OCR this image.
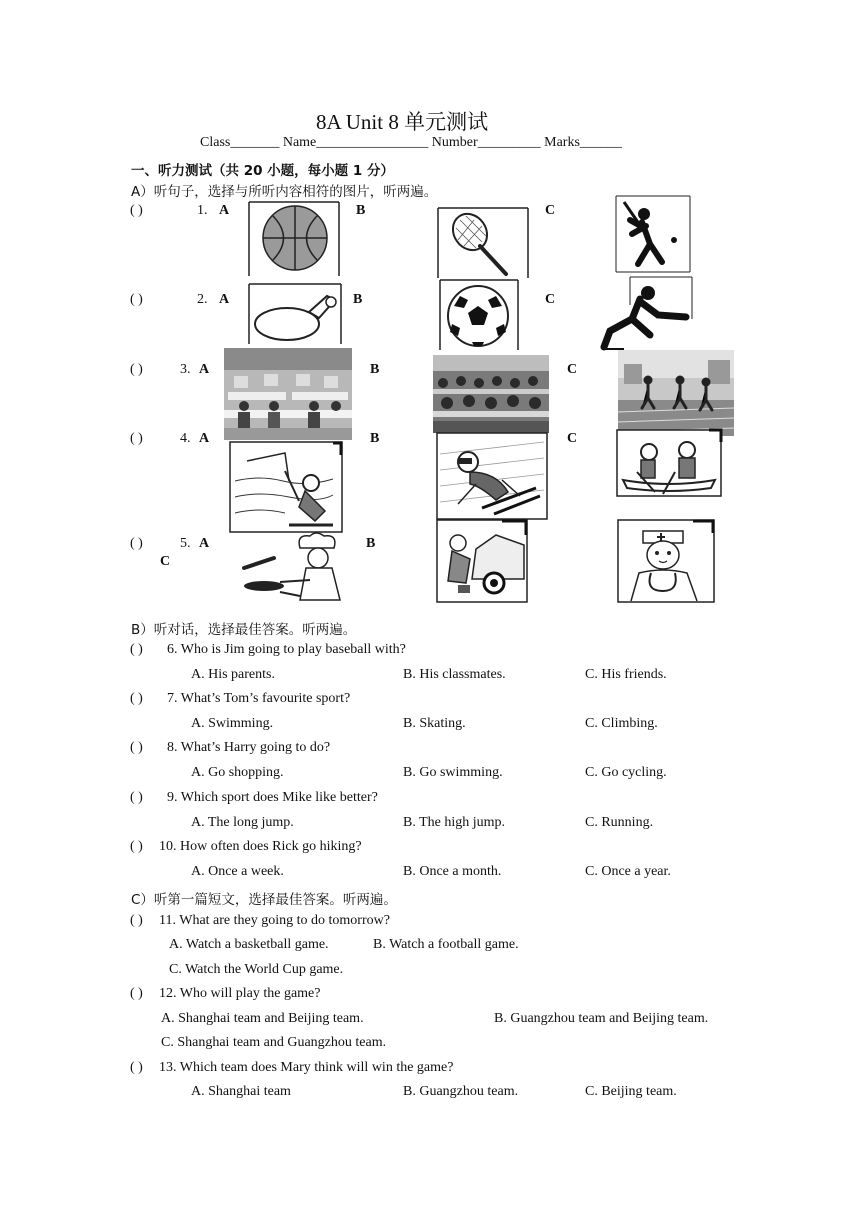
8A Unit 8 单元测试
Class_______ Name________________ Number_________ Marks______
一、听力测试（共 20 小题，每小题 1 分）
A）听句子，选择与所听内容相符的图片，听两遍。
( )	1. A	B	C
( )	2. A	B	C
( )	3. A	B	C
( )	4. A	B	C
( )	5. A	B
C
B）听对话，选择最佳答案。听两遍。
( ) 6. Who is Jim going to play baseball with?
A. His parents.	B. His classmates.	C. His friends.
( ) 7. What’s Tom’s favourite sport?
A. Swimming.	B. Skating.	C. Climbing.
( ) 8. What’s Harry going to do?
A. Go shopping.	B. Go swimming.	C. Go cycling.
( ) 9. Which sport does Mike like better?
A. The long jump.	B. The high jump.	C. Running.
( ) 10. How often does Rick go hiking?
A. Once a week.	B. Once a month.	C. Once a year.
C）听第一篇短文，选择最佳答案。听两遍。
( ) 11. What are they going to do tomorrow?
A. Watch a basketball game.	B. Watch a football game.
C. Watch the World Cup game.
( ) 12. Who will play the game?
A. Shanghai team and Beijing team.	B. Guangzhou team and Beijing team.
C. Shanghai team and Guangzhou team.
( ) 13. Which team does Mary think will win the game?
A. Shanghai team	B. Guangzhou team.	C. Beijing team.
